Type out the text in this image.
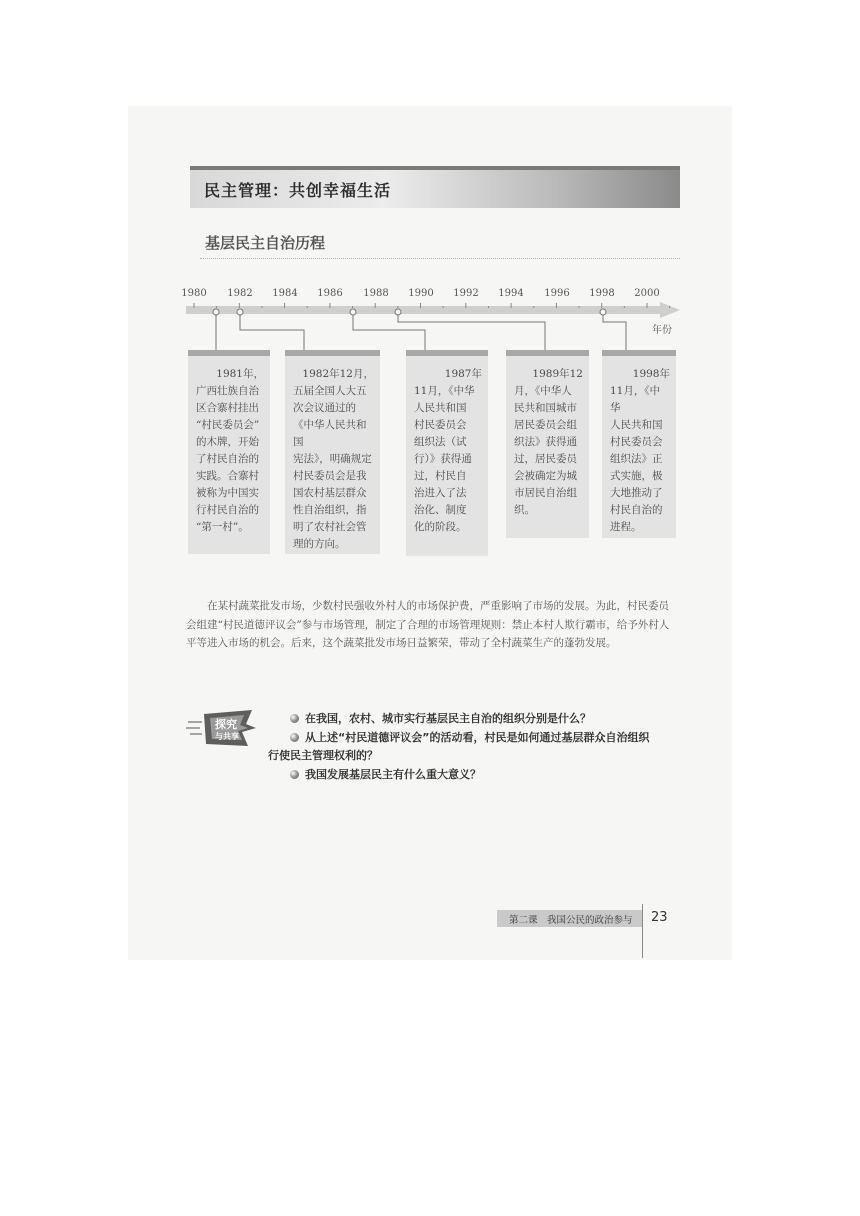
民主管理：共创幸福生活
基层民主自治历程
1980 1982 1984 1986 1988 1990 1992 1994 1996 1998 2000
年份
1981年，
广西壮族自治
区合寨村挂出
“村民委员会”
的木牌，开始
了村民自治的
实践。合寨村
被称为中国实
行村民自治的
“第一村”。
1982年12月，
五届全国人大五
次会议通过的
《中华人民共和国
宪法》，明确规定
村民委员会是我
国农村基层群众
性自治组织，指
明了农村社会管
理的方向。
1987年
11月，《中华
人民共和国
村民委员会
组织法（试
行）》获得通
过，村民自
治进入了法
治化、制度
化的阶段。
1989年12
月，《中华人
民共和国城市
居民委员会组
织法》获得通
过，居民委员
会被确定为城
市居民自治组
织。
1998年
11月，《中华
人民共和国
村民委员会
组织法》正
式实施，极
大地推动了
村民自治的
进程。
在某村蔬菜批发市场，少数村民强收外村人的市场保护费，严重影响了市场的发展。为此，村民委员会组建“村民道德评议会”参与市场管理，制定了合理的市场管理规则：禁止本村人欺行霸市，给予外村人平等进入市场的机会。后来，这个蔬菜批发市场日益繁荣，带动了全村蔬菜生产的蓬勃发展。
探究
与共享
在我国，农村、城市实行基层民主自治的组织分别是什么？
从上述“村民道德评议会”的活动看，村民是如何通过基层群众自治组织
行使民主管理权利的？
我国发展基层民主有什么重大意义？
第二课　我国公民的政治参与 23
